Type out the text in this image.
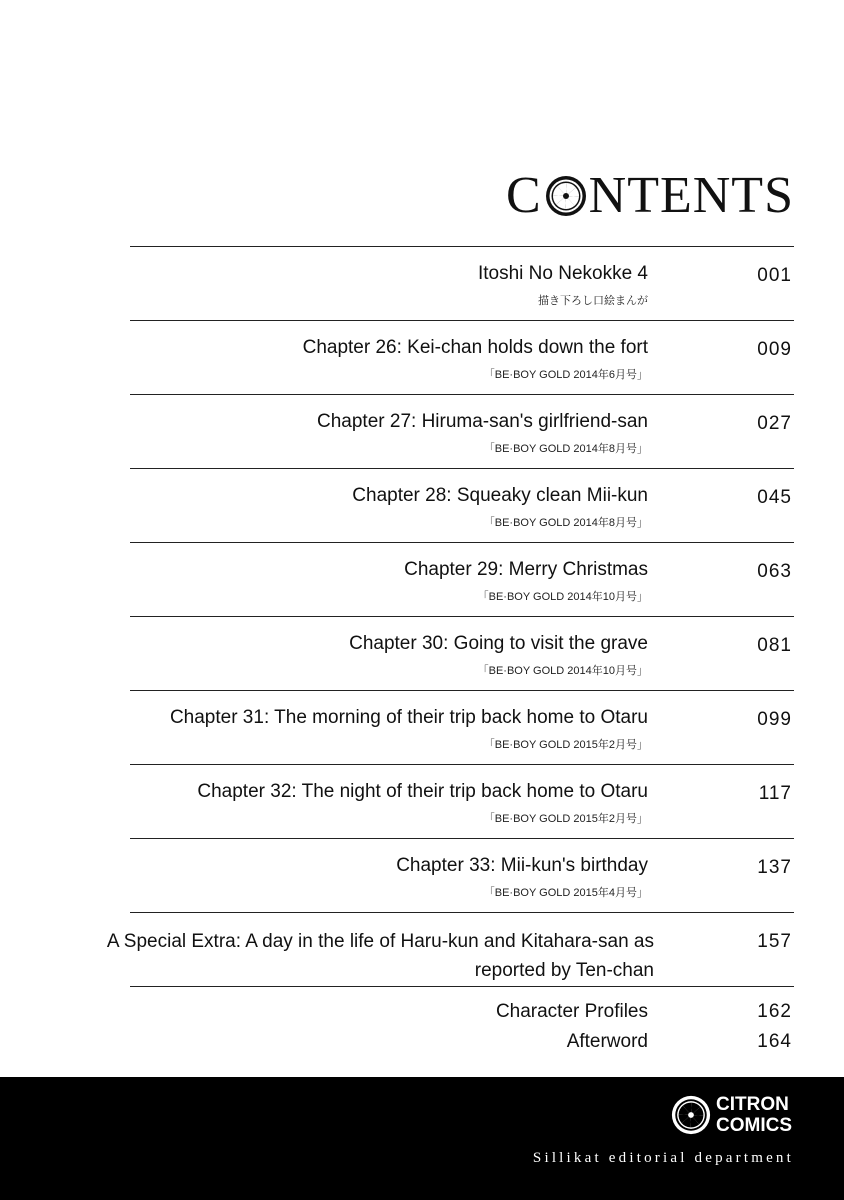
C NTENTS
Itoshi No Nekokke 4
描き下ろし口絵まんが
001
Chapter 26: Kei-chan holds down the fort
「BE·BOY GOLD 2014年6月号」
009
Chapter 27: Hiruma-san's girlfriend-san
「BE·BOY GOLD 2014年8月号」
027
Chapter 28: Squeaky clean Mii-kun
「BE·BOY GOLD 2014年8月号」
045
Chapter 29: Merry Christmas
「BE·BOY GOLD 2014年10月号」
063
Chapter 30: Going to visit the grave
「BE·BOY GOLD 2014年10月号」
081
Chapter 31: The morning of their trip back home to Otaru
「BE·BOY GOLD 2015年2月号」
099
Chapter 32: The night of their trip back home to Otaru
「BE·BOY GOLD 2015年2月号」
117
Chapter 33: Mii-kun's birthday
「BE·BOY GOLD 2015年4月号」
137
A Special Extra: A day in the life of Haru-kun and Kitahara-san as reported by Ten-chan
157
Character Profiles	162
Afterword	164
CITRON
COMICS
Sillikat editorial department
